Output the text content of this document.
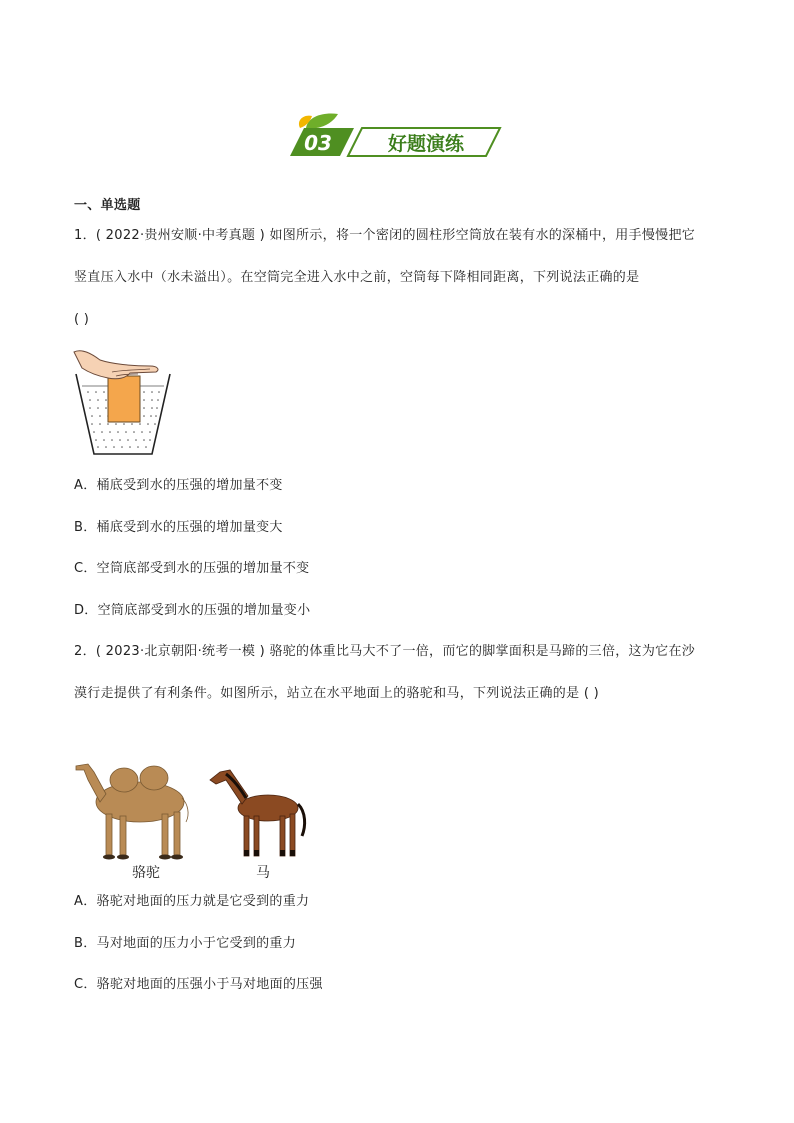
03	好题演练
一、单选题
1．( 2022·贵州安顺·中考真题 ) 如图所示，将一个密闭的圆柱形空筒放在装有水的深桶中，用手慢慢把它
竖直压入水中（水未溢出）。在空筒完全进入水中之前，空筒每下降相同距离，下列说法正确的是
( )
A．桶底受到水的压强的增加量不变
B．桶底受到水的压强的增加量变大
C．空筒底部受到水的压强的增加量不变
D．空筒底部受到水的压强的增加量变小
2．( 2023·北京朝阳·统考一模 ) 骆驼的体重比马大不了一倍，而它的脚掌面积是马蹄的三倍，这为它在沙
漠行走提供了有利条件。如图所示，站立在水平地面上的骆驼和马，下列说法正确的是 ( )
骆驼	马
A．骆驼对地面的压力就是它受到的重力
B．马对地面的压力小于它受到的重力
C．骆驼对地面的压强小于马对地面的压强
